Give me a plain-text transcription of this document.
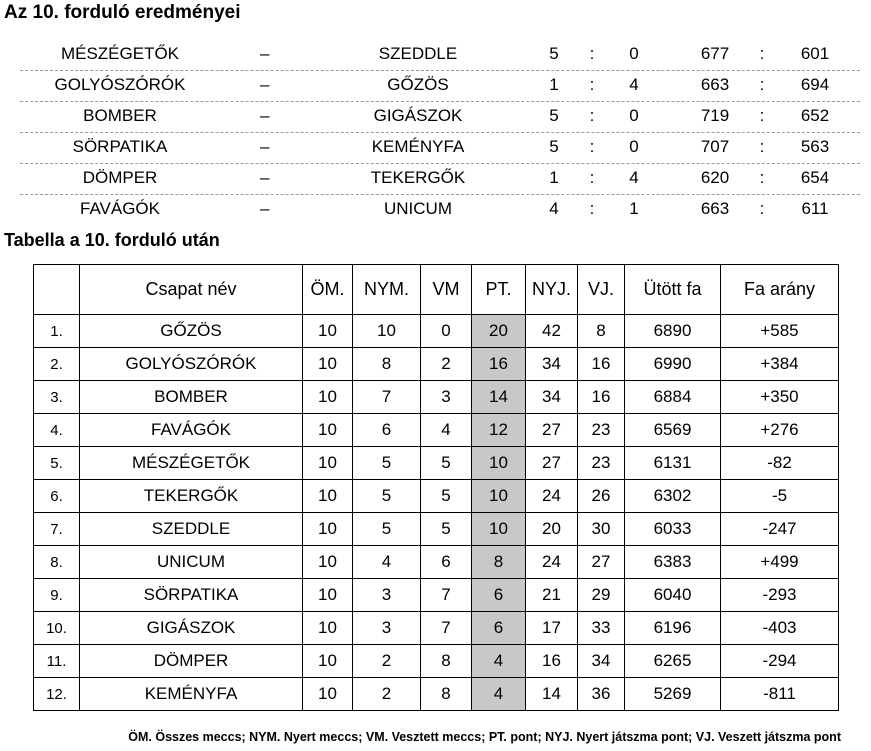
Az 10. forduló eredményei
MÉSZÉGETŐK	–	SZEDDLE	5	:	0	677	:	601
GOLYÓSZÓRÓK	–	GŐZÖS	1	:	4	663	:	694
BOMBER	–	GIGÁSZOK	5	:	0	719	:	652
SÖRPATIKA	–	KEMÉNYFA	5	:	0	707	:	563
DÖMPER	–	TEKERGŐK	1	:	4	620	:	654
FAVÁGÓK	–	UNICUM	4	:	1	663	:	611
Tabella a 10. forduló után
	Csapat név	ÖM.	NYM.	VM	PT.	NYJ.	VJ.	Ütött fa	Fa arány
1.	GŐZÖS	10	10	0	20	42	8	6890	+585
2.	GOLYÓSZÓRÓK	10	8	2	16	34	16	6990	+384
3.	BOMBER	10	7	3	14	34	16	6884	+350
4.	FAVÁGÓK	10	6	4	12	27	23	6569	+276
5.	MÉSZÉGETŐK	10	5	5	10	27	23	6131	-82
6.	TEKERGŐK	10	5	5	10	24	26	6302	-5
7.	SZEDDLE	10	5	5	10	20	30	6033	-247
8.	UNICUM	10	4	6	8	24	27	6383	+499
9.	SÖRPATIKA	10	3	7	6	21	29	6040	-293
10.	GIGÁSZOK	10	3	7	6	17	33	6196	-403
11.	DÖMPER	10	2	8	4	16	34	6265	-294
12.	KEMÉNYFA	10	2	8	4	14	36	5269	-811
ÖM. Összes meccs; NYM. Nyert meccs; VM. Vesztett meccs; PT. pont; NYJ. Nyert játszma pont; VJ. Veszett játszma pont
